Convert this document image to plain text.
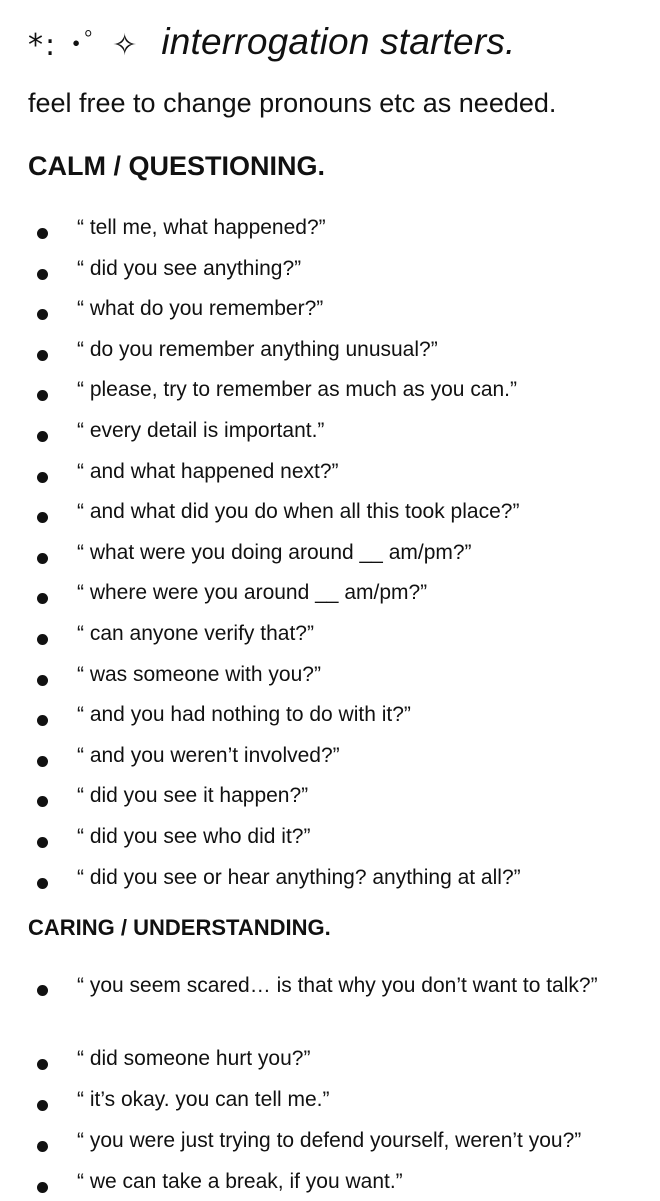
*: ･ﾟ ✧ interrogation starters.
feel free to change pronouns etc as needed.
CALM / QUESTIONING.
“ tell me, what happened?”
“ did you see anything?”
“ what do you remember?”
“ do you remember anything unusual?”
“ please, try to remember as much as you can.”
“ every detail is important.”
“ and what happened next?”
“ and what did you do when all this took place?”
“ what were you doing around __ am/pm?”
“ where were you around __ am/pm?”
“ can anyone verify that?”
“ was someone with you?”
“ and you had nothing to do with it?”
“ and you weren’t involved?”
“ did you see it happen?”
“ did you see who did it?”
“ did you see or hear anything? anything at all?”
CARING / UNDERSTANDING.
“ you seem scared… is that why you don’t want to talk?”
“ did someone hurt you?”
“ it’s okay. you can tell me.”
“ you were just trying to defend yourself, weren’t you?”
“ we can take a break, if you want.”
